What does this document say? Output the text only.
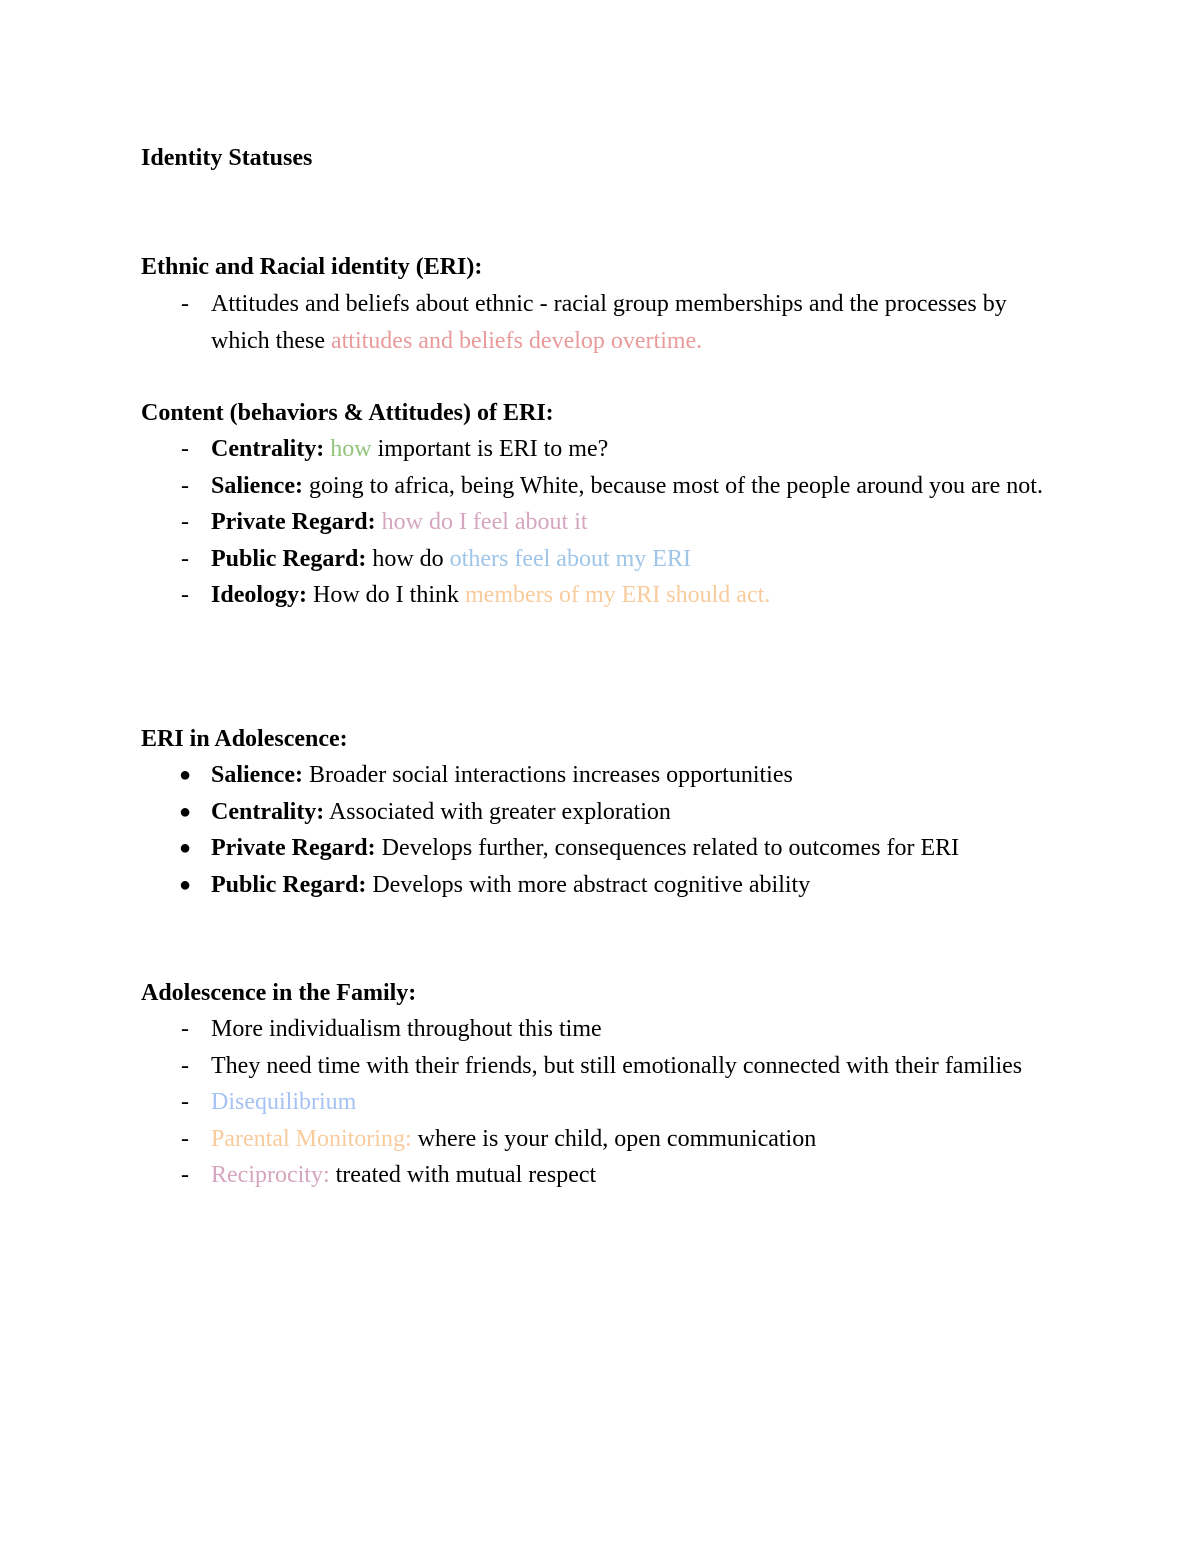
Identity Statuses
Ethnic and Racial identity (ERI):
- Attitudes and beliefs about ethnic - racial group memberships and the processes by which these attitudes and beliefs develop overtime.
Content (behaviors & Attitudes) of ERI:
- Centrality: how important is ERI to me?
- Salience: going to africa, being White, because most of the people around you are not.
- Private Regard: how do I feel about it
- Public Regard: how do others feel about my ERI
- Ideology: How do I think members of my ERI should act.
ERI in Adolescence:
● Salience: Broader social interactions increases opportunities
● Centrality: Associated with greater exploration
● Private Regard: Develops further, consequences related to outcomes for ERI
● Public Regard: Develops with more abstract cognitive ability
Adolescence in the Family:
- More individualism throughout this time
- They need time with their friends, but still emotionally connected with their families
- Disequilibrium
- Parental Monitoring: where is your child, open communication
- Reciprocity: treated with mutual respect
